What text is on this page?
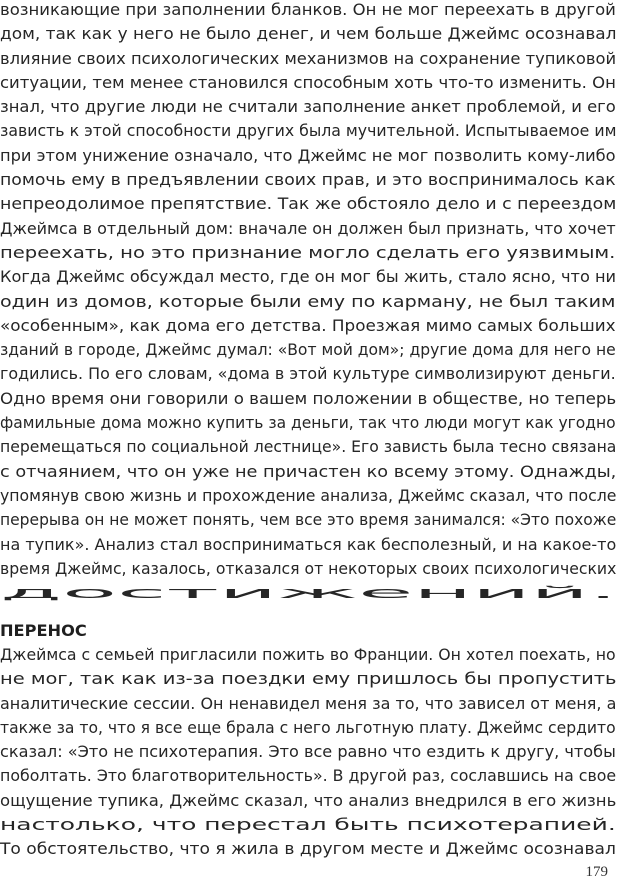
возникающие при заполнении бланков. Он не мог переехать в другой
дом, так как у него не было денег, и чем больше Джеймс осознавал
влияние своих психологических механизмов на сохранение тупиковой
ситуации, тем менее становился способным хоть что-то изменить. Он
знал, что другие люди не считали заполнение анкет проблемой, и его
зависть к этой способности других была мучительной. Испытываемое им
при этом унижение означало, что Джеймс не мог позволить кому-либо
помочь ему в предъявлении своих прав, и это воспринималось как
непреодолимое препятствие. Так же обстояло дело и с переездом
Джеймса в отдельный дом: вначале он должен был признать, что хочет
переехать, но это признание могло сделать его уязвимым.
Когда Джеймс обсуждал место, где он мог бы жить, стало ясно, что ни
один из домов, которые были ему по карману, не был таким
«особенным», как дома его детства. Проезжая мимо самых больших
зданий в городе, Джеймс думал: «Вот мой дом»; другие дома для него не
годились. По его словам, «дома в этой культуре символизируют деньги.
Одно время они говорили о вашем положении в обществе, но теперь
фамильные дома можно купить за деньги, так что люди могут как угодно
перемещаться по социальной лестнице». Его зависть была тесно связана
с отчаянием, что он уже не причастен ко всему этому. Однажды,
упомянув свою жизнь и прохождение анализа, Джеймс сказал, что после
перерыва он не может понять, чем все это время занимался: «Это похоже
на тупик». Анализ стал восприниматься как бесполезный, и на какое-то
время Джеймс, казалось, отказался от некоторых своих психологических
достижений.
ПЕРЕНОС
Джеймса с семьей пригласили пожить во Франции. Он хотел поехать, но
не мог, так как из-за поездки ему пришлось бы пропустить
аналитические сессии. Он ненавидел меня за то, что зависел от меня, а
также за то, что я все еще брала с него льготную плату. Джеймс сердито
сказал: «Это не психотерапия. Это все равно что ездить к другу, чтобы
поболтать. Это благотворительность». В другой раз, сославшись на свое
ощущение тупика, Джеймс сказал, что анализ внедрился в его жизнь
настолько, что перестал быть психотерапией.
То обстоятельство, что я жила в другом месте и Джеймс осознавал
179
